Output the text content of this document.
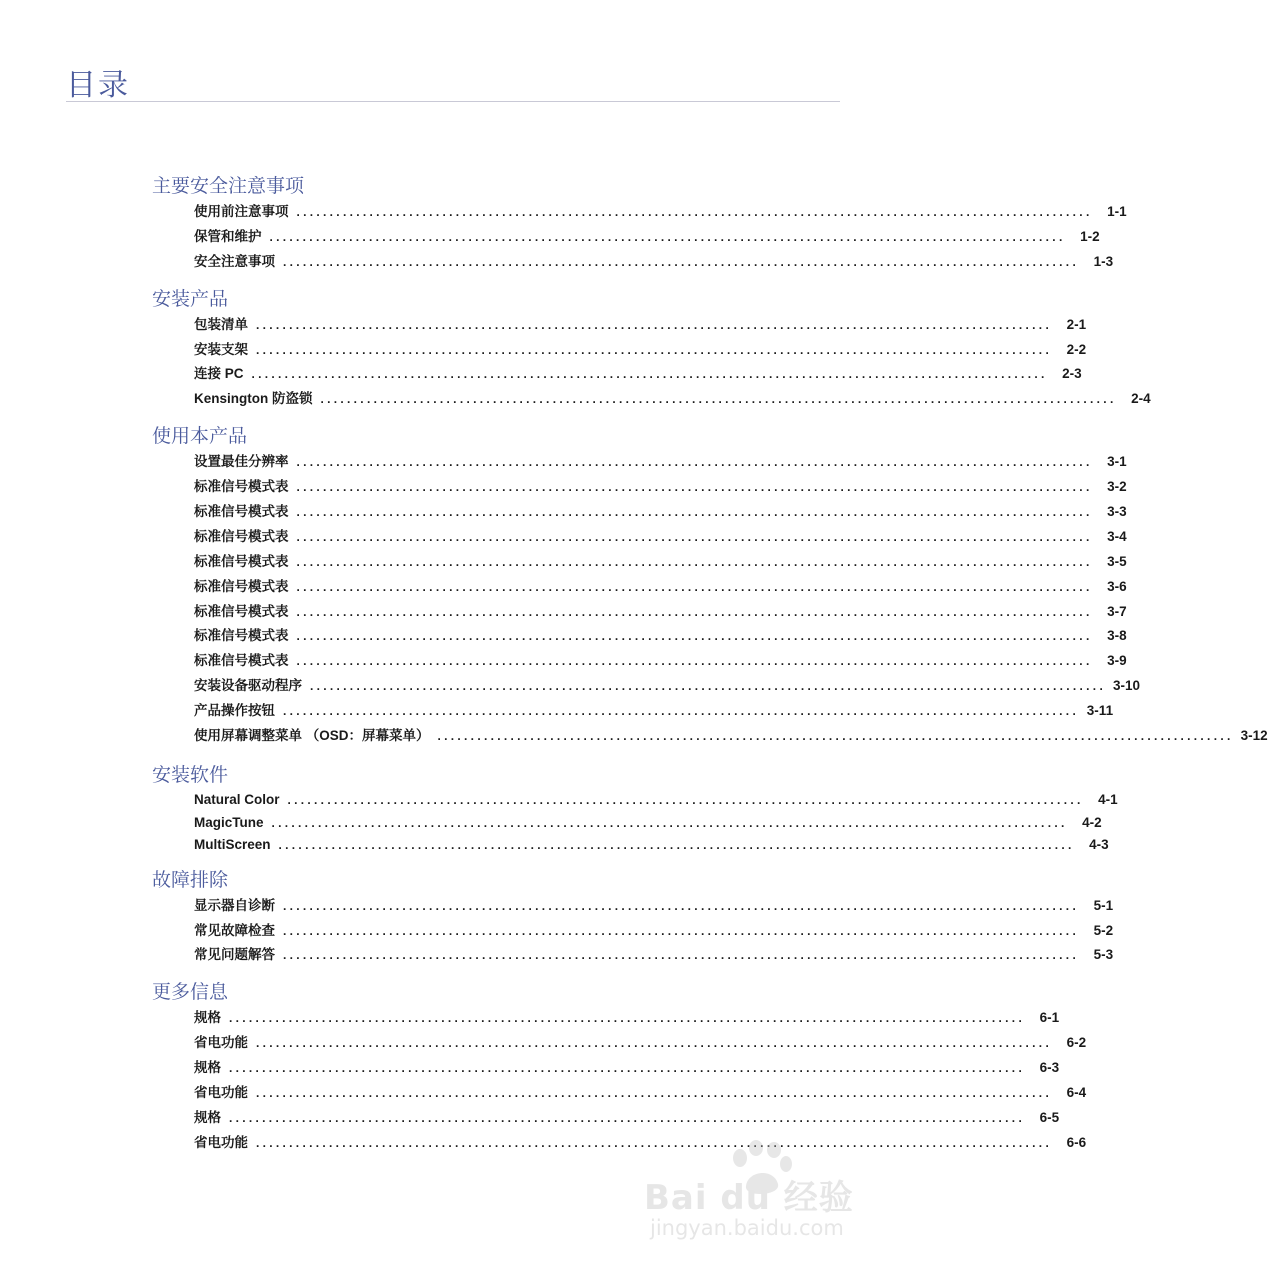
目录
主要安全注意事项
使用前注意事项 ........................................................................................................................	1-1
保管和维护 ........................................................................................................................	1-2
安全注意事项 ........................................................................................................................	1-3
安装产品
包装清单 ........................................................................................................................	2-1
安装支架 ........................................................................................................................	2-2
连接 PC ........................................................................................................................	2-3
Kensington 防盗锁 ........................................................................................................................	2-4
使用本产品
设置最佳分辨率 ........................................................................................................................	3-1
标准信号模式表 ........................................................................................................................	3-2
标准信号模式表 ........................................................................................................................	3-3
标准信号模式表 ........................................................................................................................	3-4
标准信号模式表 ........................................................................................................................	3-5
标准信号模式表 ........................................................................................................................	3-6
标准信号模式表 ........................................................................................................................	3-7
标准信号模式表 ........................................................................................................................	3-8
标准信号模式表 ........................................................................................................................	3-9
安装设备驱动程序 ........................................................................................................................ 3-10
产品操作按钮 ........................................................................................................................ 3-11
使用屏幕调整菜单 （OSD：屏幕菜单） ........................................................................................................................ 3-12
安装软件
Natural Color ........................................................................................................................	4-1
MagicTune ........................................................................................................................	4-2
MultiScreen ........................................................................................................................	4-3
故障排除
显示器自诊断 ........................................................................................................................	5-1
常见故障检查 ........................................................................................................................	5-2
常见问题解答 ........................................................................................................................	5-3
更多信息
规格 ........................................................................................................................	6-1
省电功能 ........................................................................................................................	6-2
规格 ........................................................................................................................	6-3
省电功能 ........................................................................................................................	6-4
规格 ........................................................................................................................	6-5
省电功能 ........................................................................................................................	6-6
Bai du 经验
jingyan.baidu.com
